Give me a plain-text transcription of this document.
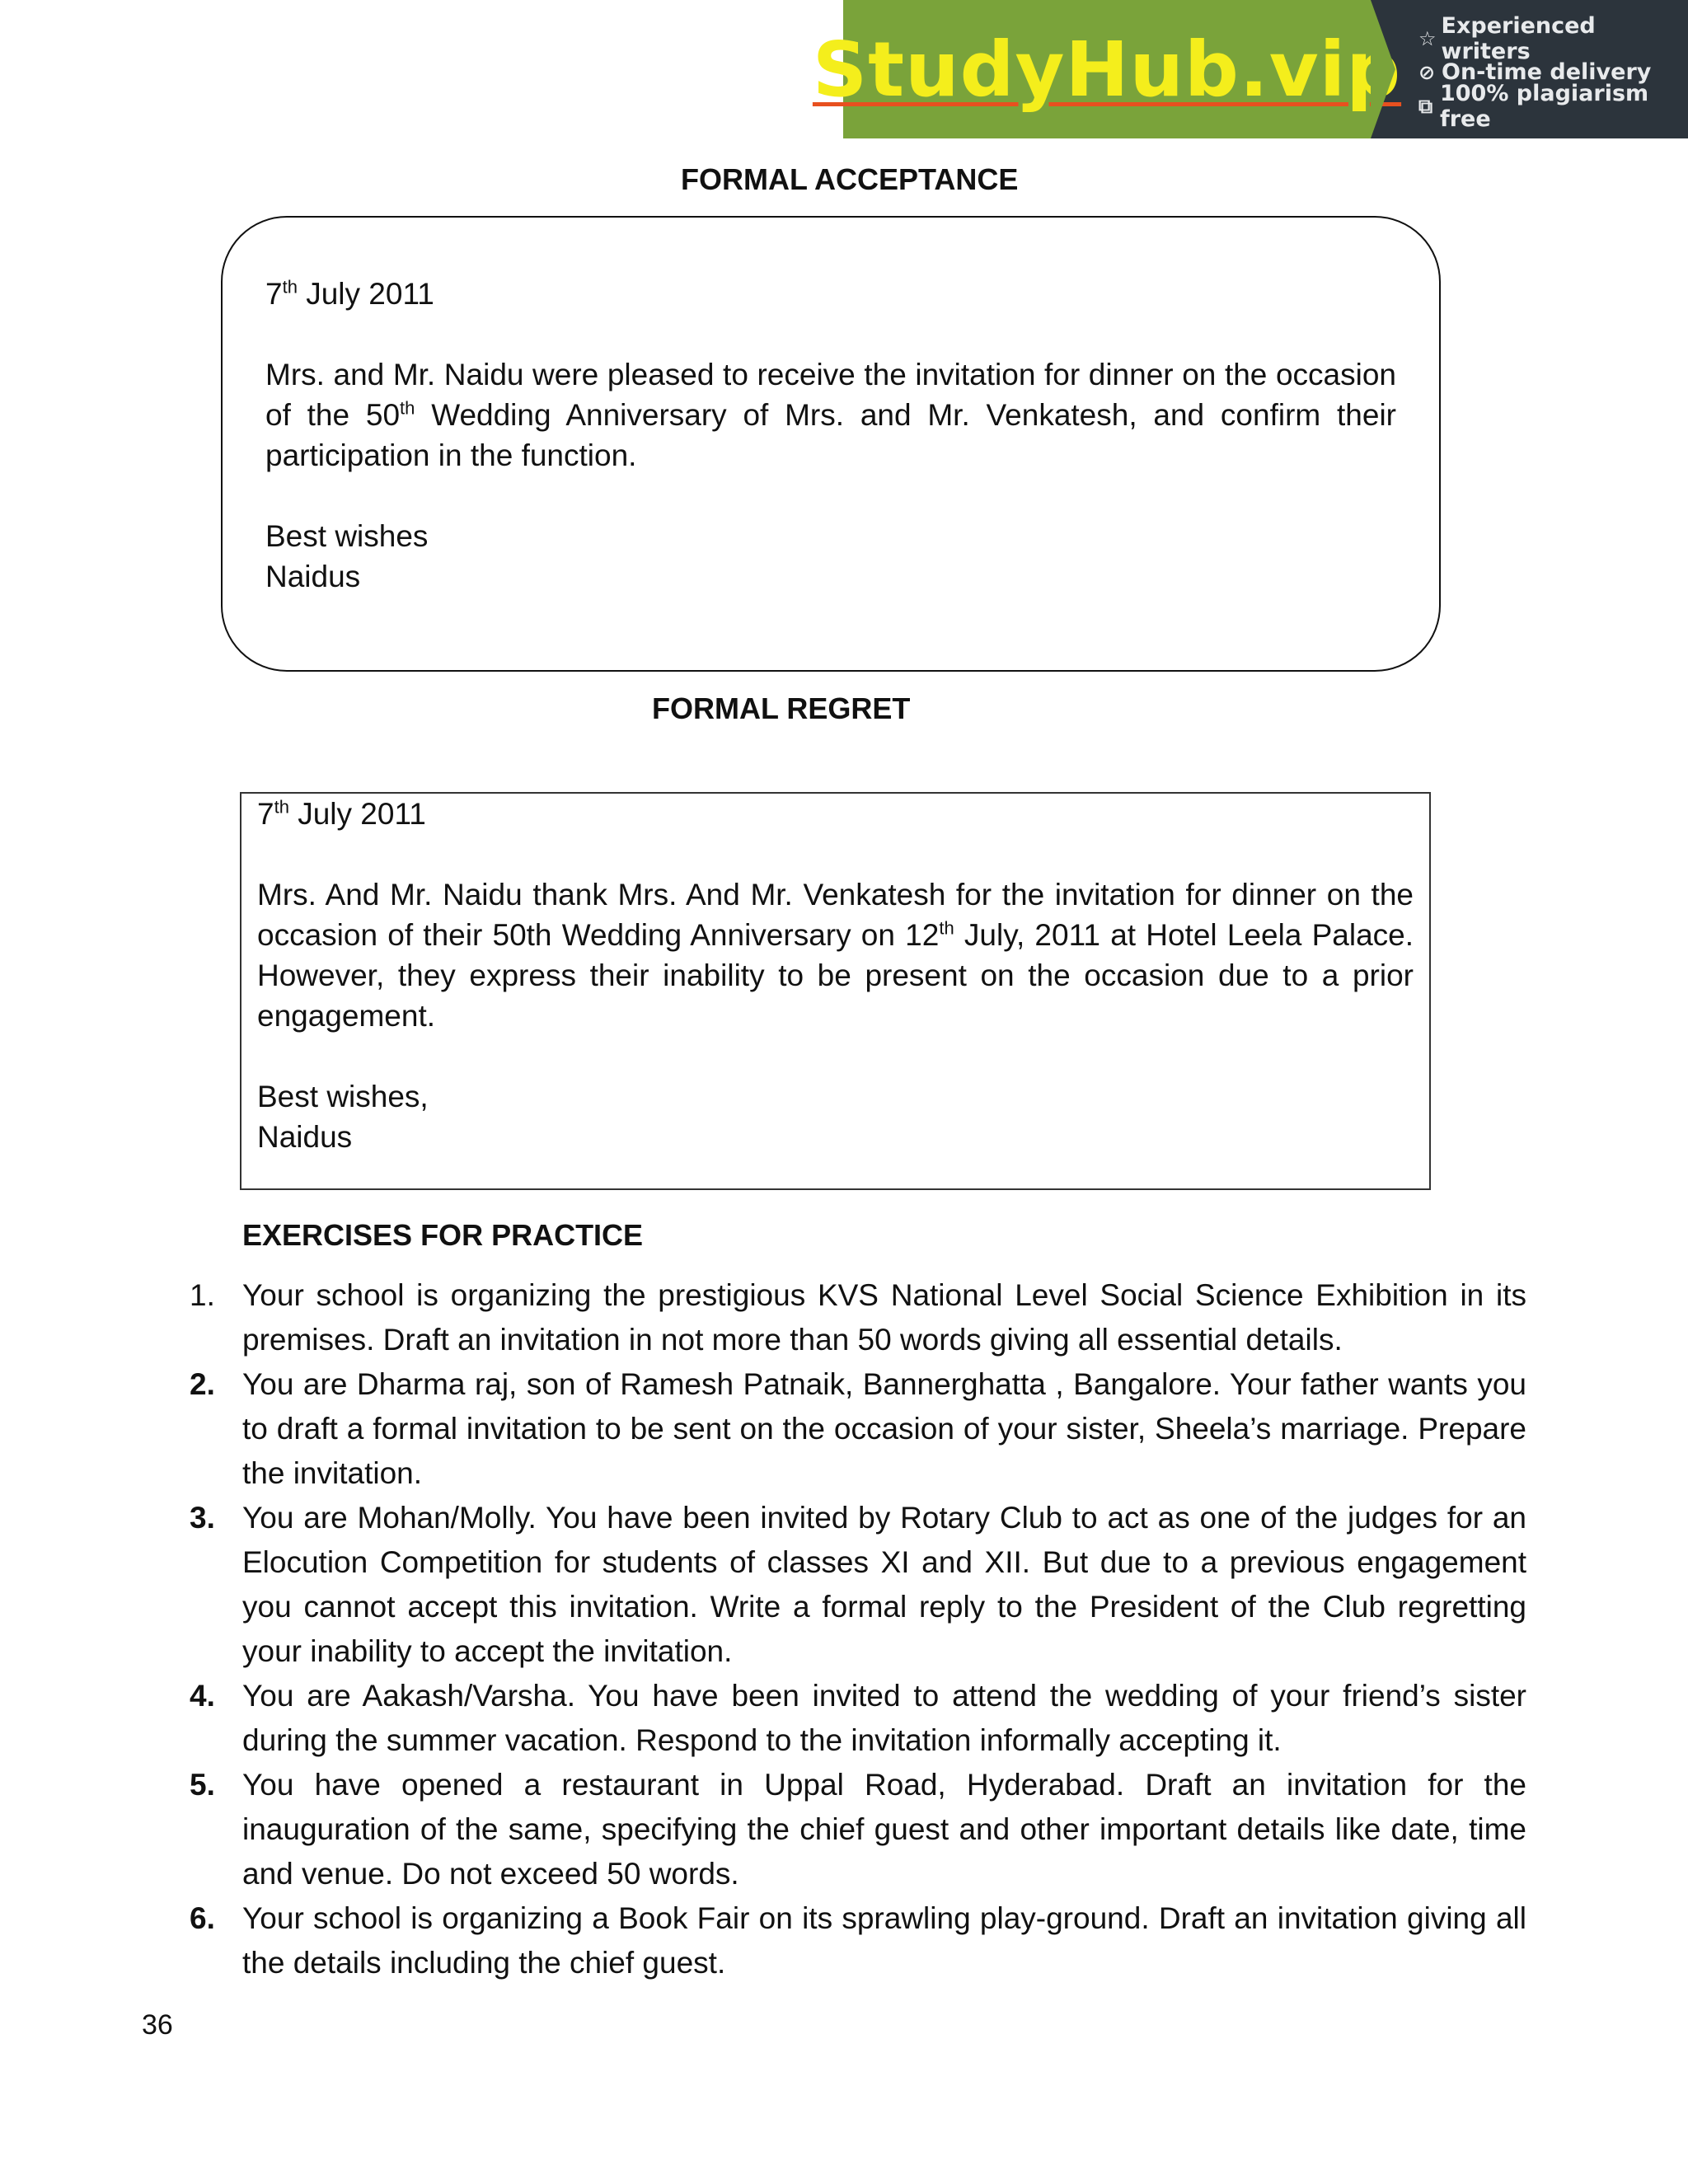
StudyHub.vip ☆ Experienced writers
⊘ On-time delivery
⧉ 100% plagiarism free
FORMAL ACCEPTANCE
7th July 2011
Mrs. and Mr. Naidu were pleased to receive the invitation for dinner on the occasion of the 50th Wedding Anniversary of Mrs. and Mr. Venkatesh, and confirm their participation in the function.
Best wishes
Naidus
FORMAL REGRET
7th July 2011
Mrs. And Mr. Naidu thank Mrs. And Mr. Venkatesh for the invitation for dinner on the occasion of their 50th Wedding Anniversary on 12th July, 2011 at Hotel Leela Palace. However, they express their inability to be present on the occasion due to a prior engagement.
Best wishes,
Naidus
EXERCISES FOR PRACTICE
1. Your school is organizing the prestigious KVS National Level Social Science Exhibition in its premises. Draft an invitation in not more than 50 words giving all essential details.
2. You are Dharma raj, son of Ramesh Patnaik, Bannerghatta , Bangalore. Your father wants you to draft a formal invitation to be sent on the occasion of your sister, Sheela’s marriage. Prepare the invitation.
3. You are Mohan/Molly. You have been invited by Rotary Club to act as one of the judges for an Elocution Competition for students of classes XI and XII. But due to a previous engagement you cannot accept this invitation. Write a formal reply to the President of the Club regretting your inability to accept the invitation.
4. You are Aakash/Varsha. You have been invited to attend the wedding of your friend’s sister during the summer vacation. Respond to the invitation informally accepting it.
5. You have opened a restaurant in Uppal Road, Hyderabad. Draft an invitation for the inauguration of the same, specifying the chief guest and other important details like date, time and venue. Do not exceed 50 words.
6. Your school is organizing a Book Fair on its sprawling play-ground. Draft an invitation giving all the details including the chief guest.
36
